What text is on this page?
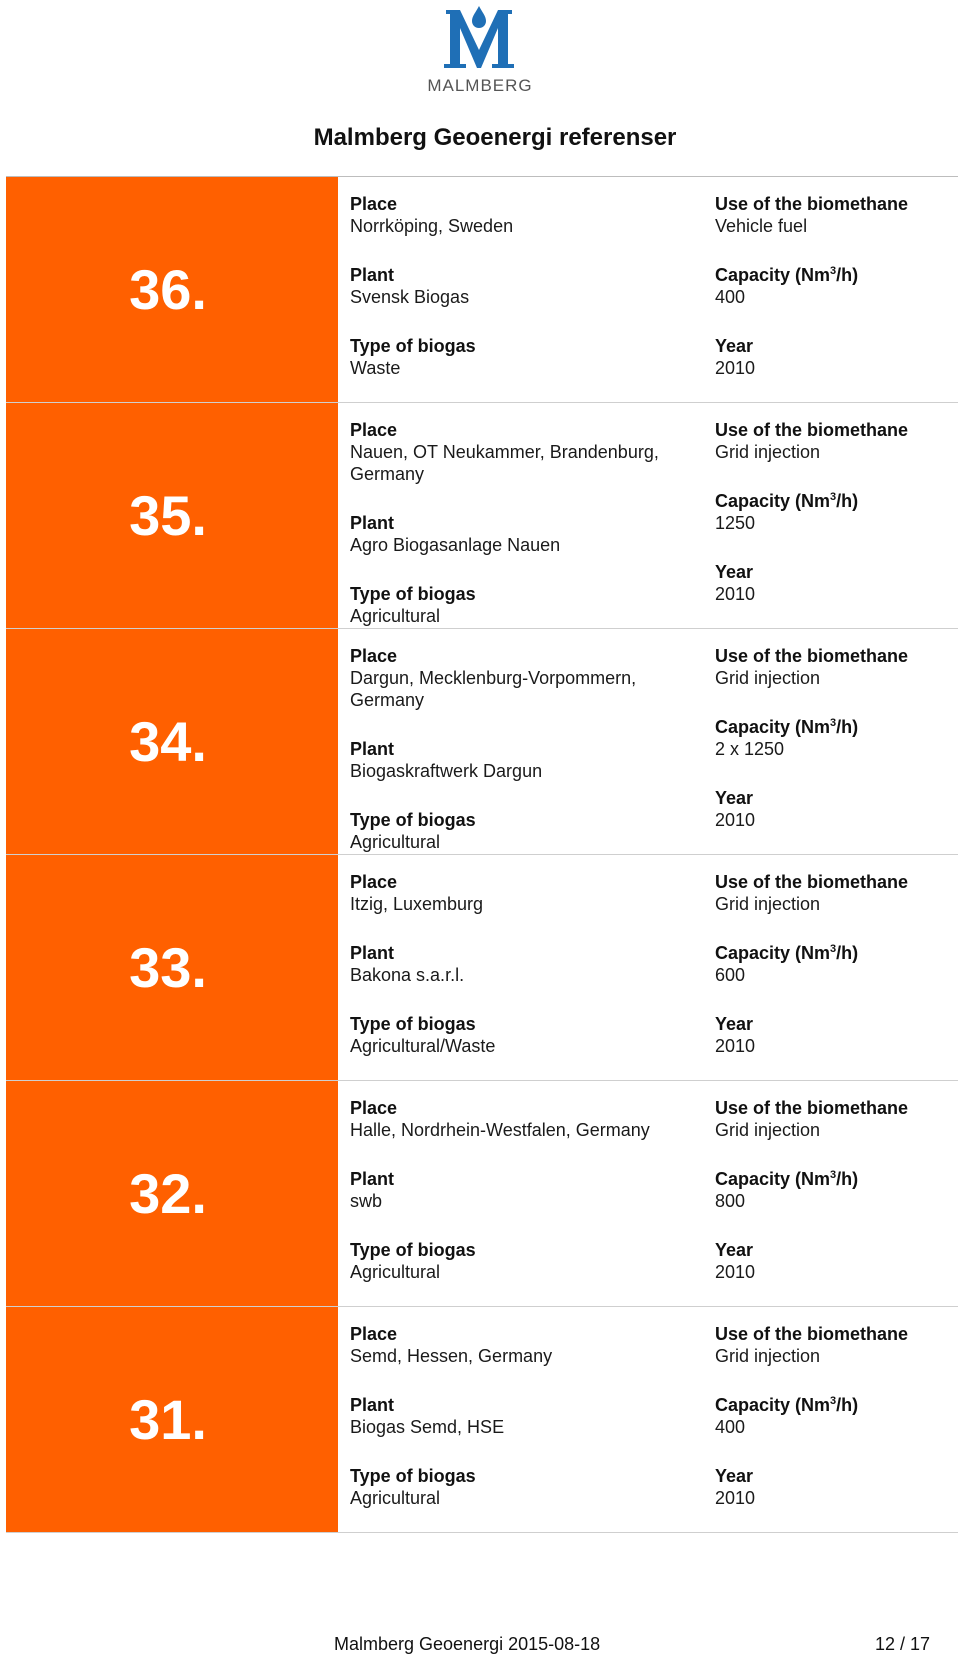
MALMBERG
Malmberg Geoenergi referenser
36.
Place
Norrköping, Sweden
Plant
Svensk Biogas
Type of biogas
Waste
Use of the biomethane
Vehicle fuel
Capacity (Nm$^3$/h)
400
Year
2010
35.
Place
Nauen, OT Neukammer, Brandenburg, Germany
Plant
Agro Biogasanlage Nauen
Type of biogas
Agricultural
Use of the biomethane
Grid injection
Capacity (Nm$^3$/h)
1250
Year
2010
34.
Place
Dargun, Mecklenburg-Vorpommern, Germany
Plant
Biogaskraftwerk Dargun
Type of biogas
Agricultural
Use of the biomethane
Grid injection
Capacity (Nm$^3$/h)
2 x 1250
Year
2010
33.
Place
Itzig, Luxemburg
Plant
Bakona s.a.r.l.
Type of biogas
Agricultural/Waste
Use of the biomethane
Grid injection
Capacity (Nm$^3$/h)
600
Year
2010
32.
Place
Halle, Nordrhein-Westfalen, Germany
Plant
swb
Type of biogas
Agricultural
Use of the biomethane
Grid injection
Capacity (Nm$^3$/h)
800
Year
2010
31.
Place
Semd, Hessen, Germany
Plant
Biogas Semd, HSE
Type of biogas
Agricultural
Use of the biomethane
Grid injection
Capacity (Nm$^3$/h)
400
Year
2010
Malmberg Geoenergi 2015-08-18	12 / 17
